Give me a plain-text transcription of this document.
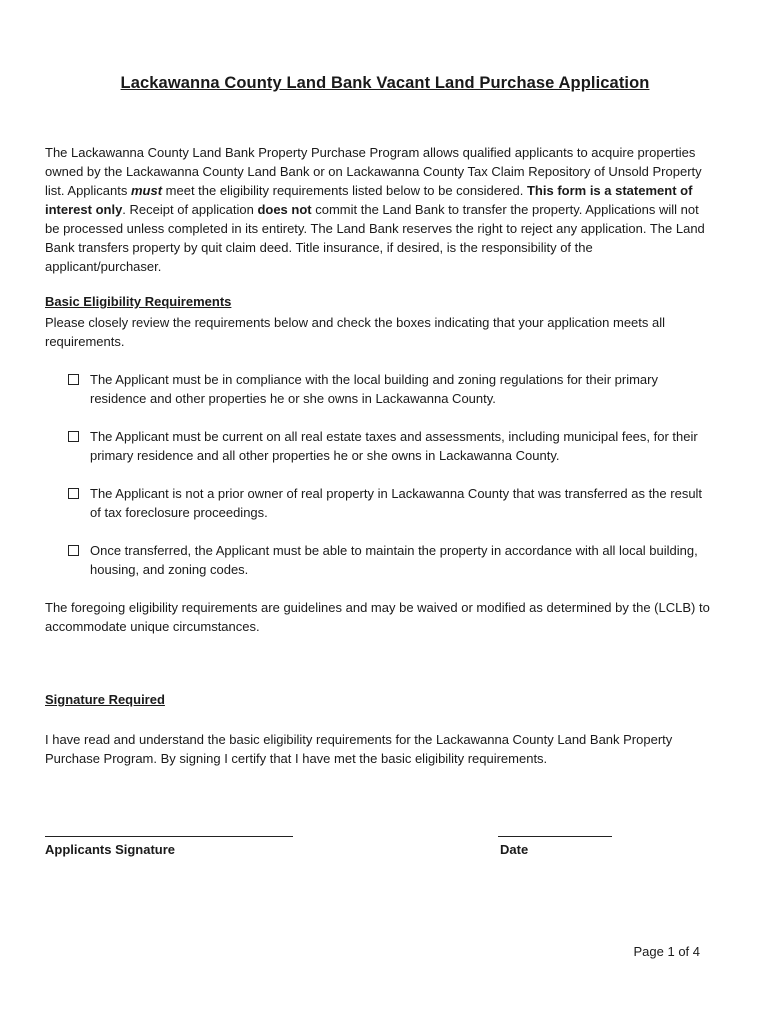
Lackawanna County Land Bank Vacant Land Purchase Application

The Lackawanna County Land Bank Property Purchase Program allows qualified applicants to acquire properties owned by the Lackawanna County Land Bank or on Lackawanna County Tax Claim Repository of Unsold Property list. Applicants must meet the eligibility requirements listed below to be considered. This form is a statement of interest only. Receipt of application does not commit the Land Bank to transfer the property. Applications will not be processed unless completed in its entirety. The Land Bank reserves the right to reject any application. The Land Bank transfers property by quit claim deed. Title insurance, if desired, is the responsibility of the applicant/purchaser.

Basic Eligibility Requirements

Please closely review the requirements below and check the boxes indicating that your application meets all requirements.

The Applicant must be in compliance with the local building and zoning regulations for their primary residence and other properties he or she owns in Lackawanna County.
The Applicant must be current on all real estate taxes and assessments, including municipal fees, for their primary residence and all other properties he or she owns in Lackawanna County.
The Applicant is not a prior owner of real property in Lackawanna County that was transferred as the result of tax foreclosure proceedings.
Once transferred, the Applicant must be able to maintain the property in accordance with all local building, housing, and zoning codes.

The foregoing eligibility requirements are guidelines and may be waived or modified as determined by the (LCLB) to accommodate unique circumstances.

Signature Required

I have read and understand the basic eligibility requirements for the Lackawanna County Land Bank Property Purchase Program. By signing I certify that I have met the basic eligibility requirements.

Applicants Signature	Date
Page 1 of 4
